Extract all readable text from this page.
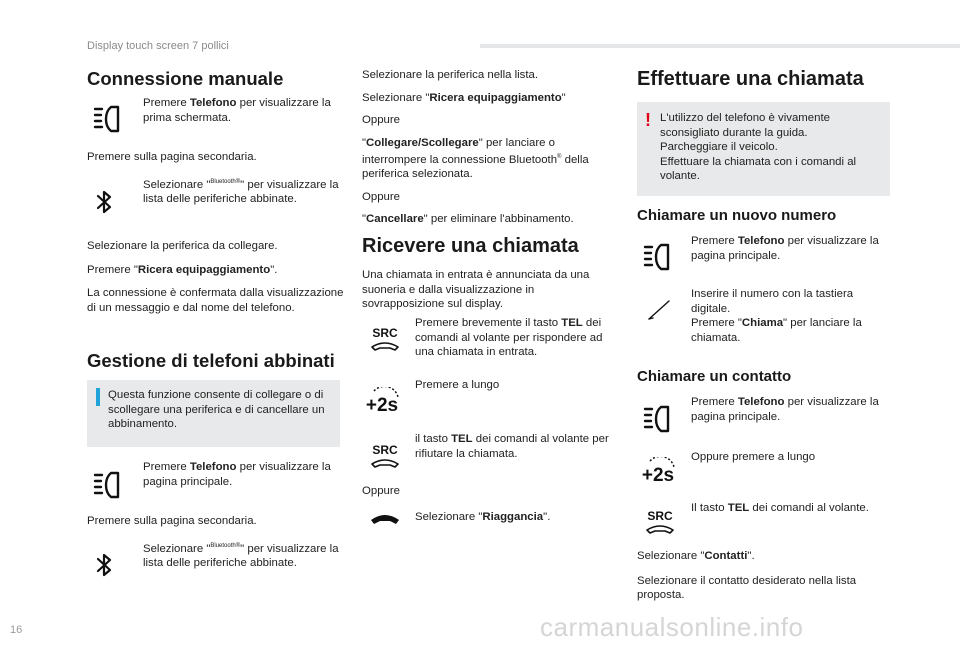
Display touch screen 7 pollici
Connessione manuale
Premere Telefono per visualizzare la prima schermata.

Premere sulla pagina secondaria.

Selezionare "$^{Bluetooth®}$" per visualizzare la lista delle periferiche abbinate.

Selezionare la periferica da collegare.

Premere "Ricera equipaggiamento".

La connessione è confermata dalla visualizzazione di un messaggio e dal nome del telefono.

Gestione di telefoni abbinati
Questa funzione consente di collegare o di scollegare una periferica e di cancellare un abbinamento.
Premere Telefono per visualizzare la pagina principale.

Premere sulla pagina secondaria.

Selezionare "$^{Bluetooth®}$" per visualizzare la lista delle periferiche abbinate.

Selezionare la periferica nella lista.

Selezionare "Ricera equipaggiamento"

Oppure

"Collegare/Scollegare" per lanciare o interrompere la connessione Bluetooth® della periferica selezionata.

Oppure

"Cancellare" per eliminare l'abbinamento.

Ricevere una chiamata

Una chiamata in entrata è annunciata da una suoneria e dalla visualizzazione in sovrapposizione sul display.

SRC
Premere brevemente il tasto TEL dei comandi al volante per rispondere ad una chiamata in entrata.
+2s
Premere a lungo
SRC
il tasto TEL dei comandi al volante per rifiutare la chiamata.

Oppure

Selezionare "Riaggancia".
Effettuare una chiamata
! L'utilizzo del telefono è vivamente sconsigliato durante la guida.
Parcheggiare il veicolo.
Effettuare la chiamata con i comandi al volante.
Chiamare un nuovo numero
Premere Telefono per visualizzare la pagina principale.
Inserire il numero con la tastiera digitale.
Premere "Chiama" per lanciare la chiamata.
Chiamare un contatto
Premere Telefono per visualizzare la pagina principale.
+2s
Oppure premere a lungo
SRC
Il tasto TEL dei comandi al volante.

Selezionare "Contatti".

Selezionare il contatto desiderato nella lista proposta.

16	carmanualsonline.info
